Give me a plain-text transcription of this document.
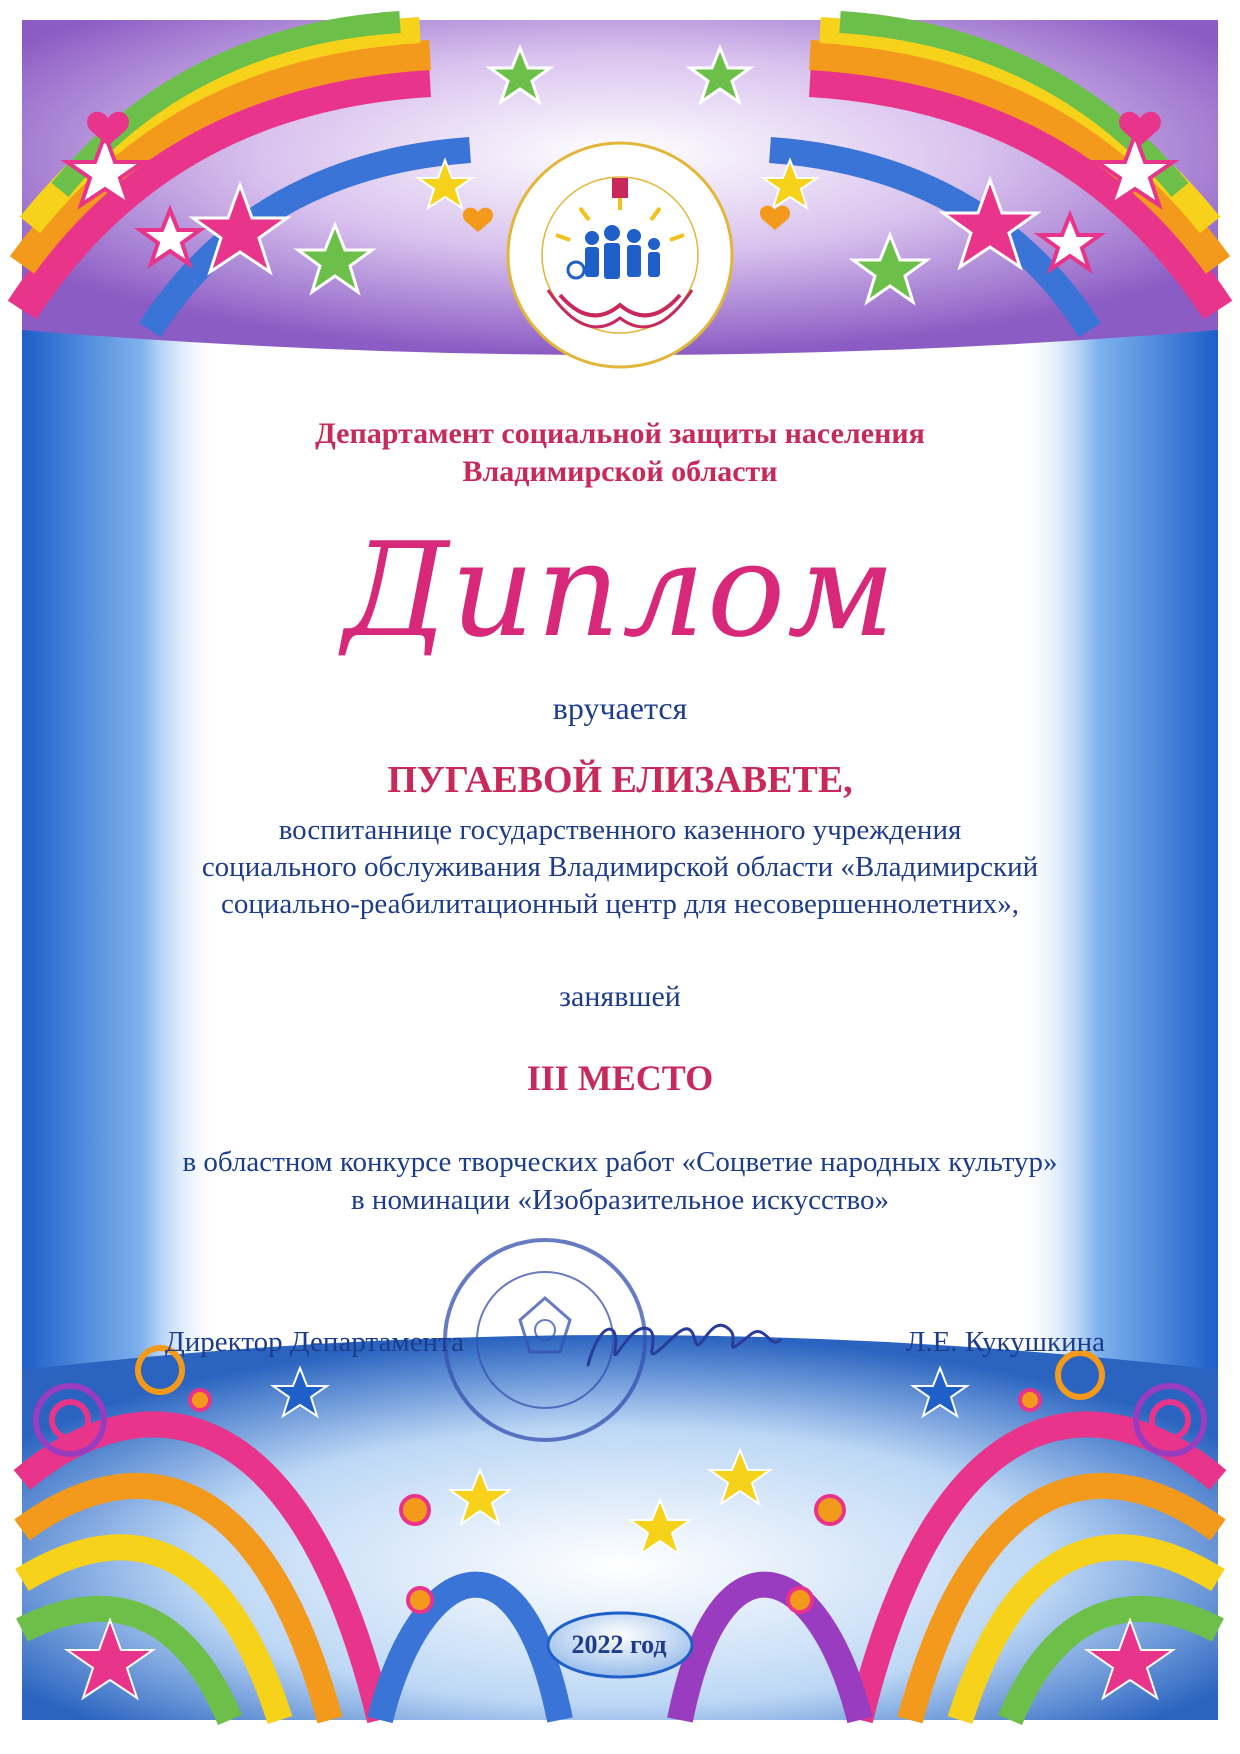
Департамент социальной защиты населения
Владимирской области
Диплом
вручается
ПУГАЕВОЙ ЕЛИЗАВЕТЕ,
воспитаннице государственного казенного учреждения
социального обслуживания Владимирской области «Владимирский
социально-реабилитационный центр для несовершеннолетних»,
занявшей
III МЕСТО
в областном конкурсе творческих работ «Соцветие народных культур»
в номинации «Изобразительное искусство»
Директор Департамента	Л.Е. Кукушкина
2022 год
